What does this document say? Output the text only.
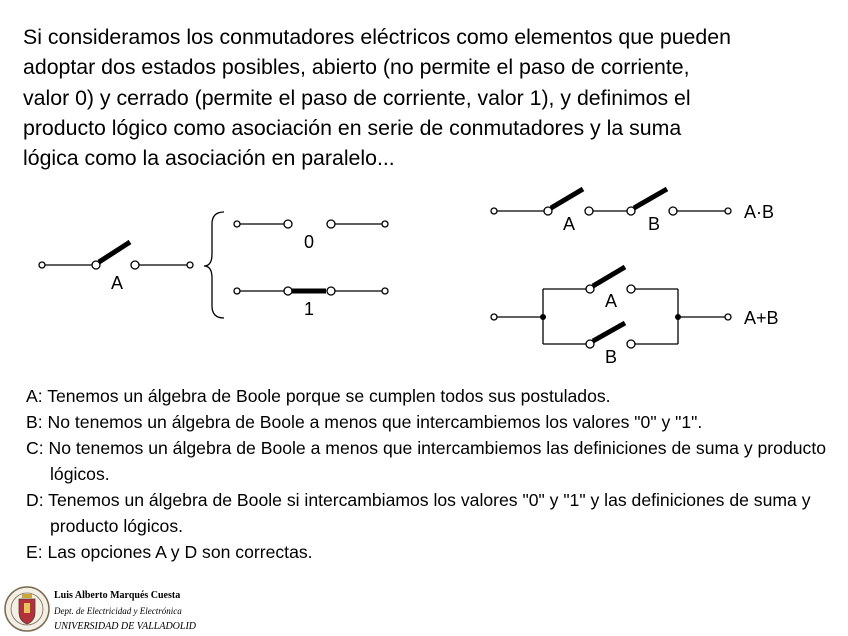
Si consideramos los conmutadores eléctricos como elementos que pueden
adoptar dos estados posibles, abierto (no permite el paso de corriente,
valor 0) y cerrado (permite el paso de corriente, valor 1), y definimos el
producto lógico como asociación en serie de conmutadores y la suma
lógica como la asociación en paralelo...
A
0
1
A	B
A·B
A
B
A+B
A: Tenemos un álgebra de Boole porque se cumplen todos sus postulados.
B: No tenemos un álgebra de Boole a menos que intercambiemos los valores "0" y "1".
C: No tenemos un álgebra de Boole a menos que intercambiemos las definiciones de suma y producto lógicos.
D: Tenemos un álgebra de Boole si intercambiamos los valores "0" y "1" y las definiciones de suma y producto lógicos.
E: Las opciones A y D son correctas.
Luis Alberto Marqués Cuesta
Dept. de Electricidad y Electrónica
UNIVERSIDAD DE VALLADOLID
